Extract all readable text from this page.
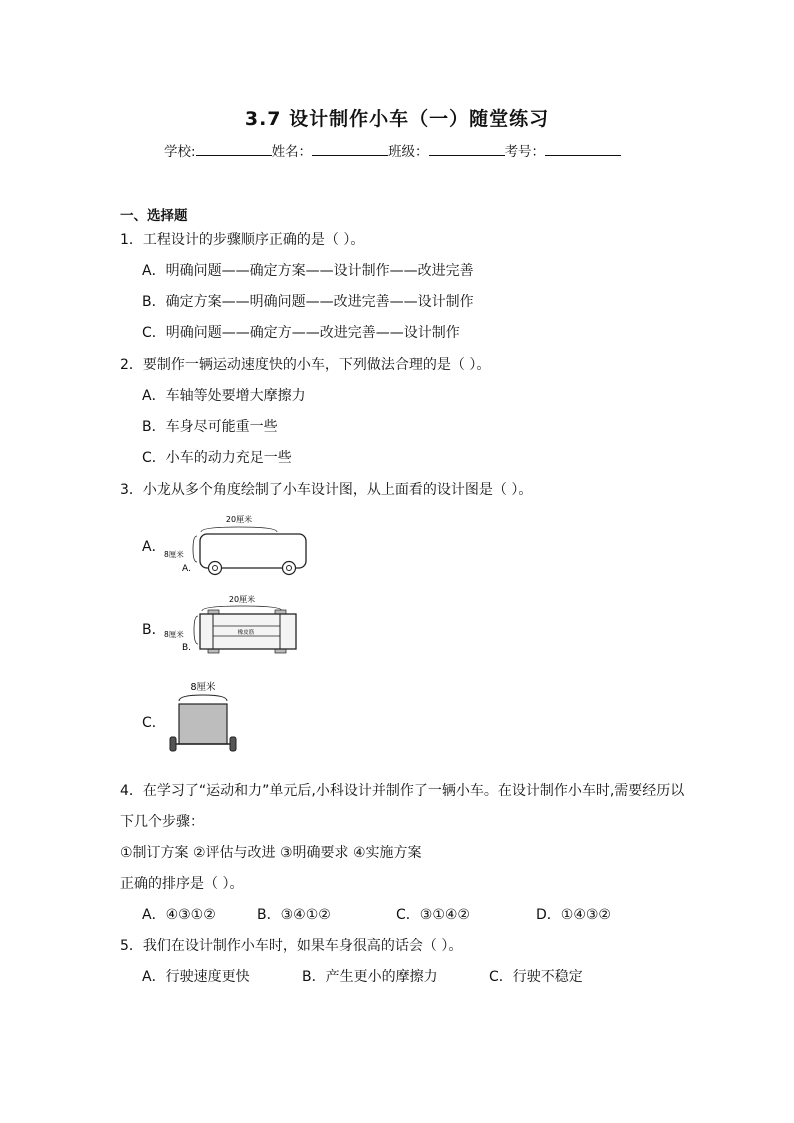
3.7 设计制作小车（一）随堂练习
学校:	姓名：	班级：	考号：
一、选择题
1．工程设计的步骤顺序正确的是（ ）。
A．明确问题——确定方案——设计制作——改进完善
B．确定方案——明确问题——改进完善——设计制作
C．明确问题——确定方——改进完善——设计制作
2．要制作一辆运动速度快的小车，下列做法合理的是（ ）。
A．车轴等处要增大摩擦力
B．车身尽可能重一些
C．小车的动力充足一些
3．小龙从多个角度绘制了小车设计图，从上面看的设计图是（ ）。
A．
20厘米
8厘米
A.
B．
20厘米
8厘米
B.
橡皮筋
C．
8厘米
4．在学习了“运动和力”单元后,小科设计并制作了一辆小车。在设计制作小车时,需要经历以
下几个步骤：
①制订方案 ②评估与改进 ③明确要求 ④实施方案
正确的排序是（ ）。
A．④③①②	B．③④①②	C．③①④②	D．①④③②
5．我们在设计制作小车时，如果车身很高的话会（ ）。
A．行驶速度更快	B．产生更小的摩擦力	C．行驶不稳定
